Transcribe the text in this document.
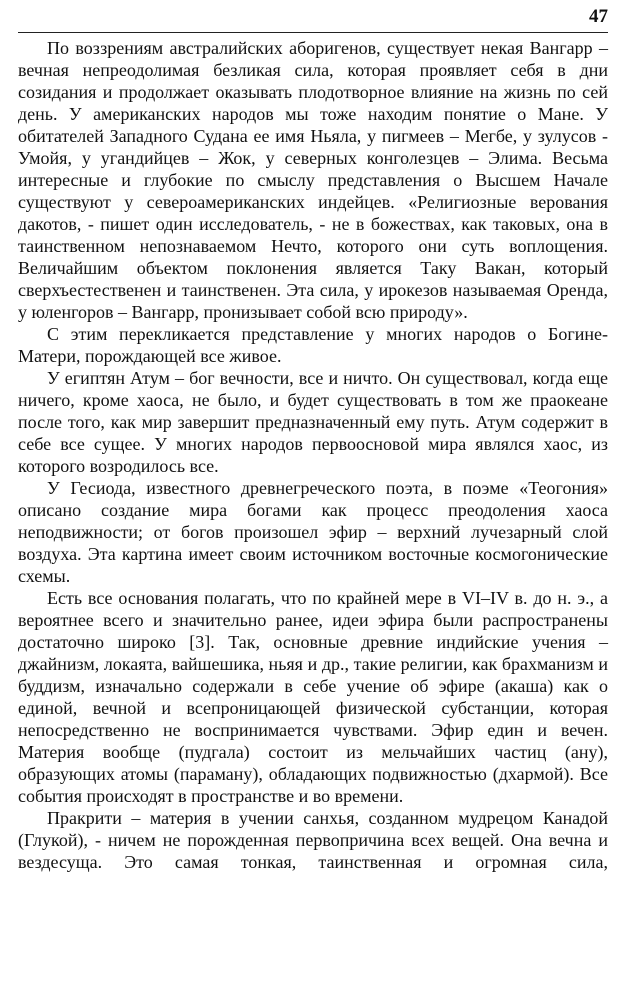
47

По воззрениям австралийских аборигенов, существует некая Вангарр – вечная непреодолимая безликая сила, которая проявляет себя в дни созидания и продолжает оказывать плодотворное влияние на жизнь по сей день. У американских народов мы тоже находим понятие о Мане. У обитателей Западного Судана ее имя Ньяла, у пигмеев – Мегбе, у зулусов - Умойя, у угандийцев – Жок, у северных конголезцев – Элима. Весьма интересные и глубокие по смыслу представления о Высшем Начале существуют у североамериканских индейцев. «Религиозные верования дакотов, - пишет один исследователь, - не в божествах, как таковых, она в таинственном непознаваемом Нечто, которого они суть воплощения. Величайшим объектом поклонения является Таку Вакан, который сверхъестественен и таинственен. Эта сила, у ирокезов называемая Оренда, у юленгоров – Вангарр, пронизывает собой всю природу».

С этим перекликается представление у многих народов о Богине-Матери, порождающей все живое.

У египтян Атум – бог вечности, все и ничто. Он существовал, когда еще ничего, кроме хаоса, не было, и будет существовать в том же праокеане после того, как мир завершит предназначенный ему путь. Атум содержит в себе все сущее. У многих народов первоосновой мира являлся хаос, из которого возродилось все.

У Гесиода, известного древнегреческого поэта, в поэме «Теогония» описано создание мира богами как процесс преодоления хаоса неподвижности; от богов произошел эфир – верхний лучезарный слой воздуха. Эта картина имеет своим источником восточные космогонические схемы.

Есть все основания полагать, что по крайней мере в VI–IV в. до н. э., а вероятнее всего и значительно ранее, идеи эфира были распространены достаточно широко [3]. Так, основные древние индийские учения – джайнизм, локаята, вайшешика, ньяя и др., такие религии, как брахманизм и буддизм, изначально содержали в себе учение об эфире (акаша) как о единой, вечной и всепроницающей физической субстанции, которая непосредственно не воспринимается чувствами. Эфир един и вечен. Материя вообще (пудгала) состоит из мельчайших частиц (ану), образующих атомы (параману), обладающих подвижностью (дхармой). Все события происходят в пространстве и во времени.

Пракрити – материя в учении санхья, созданном мудрецом Канадой (Глукой), - ничем не порожденная первопричина всех вещей. Она вечна и вездесуща. Это самая тонкая, таинственная и огромная сила,
